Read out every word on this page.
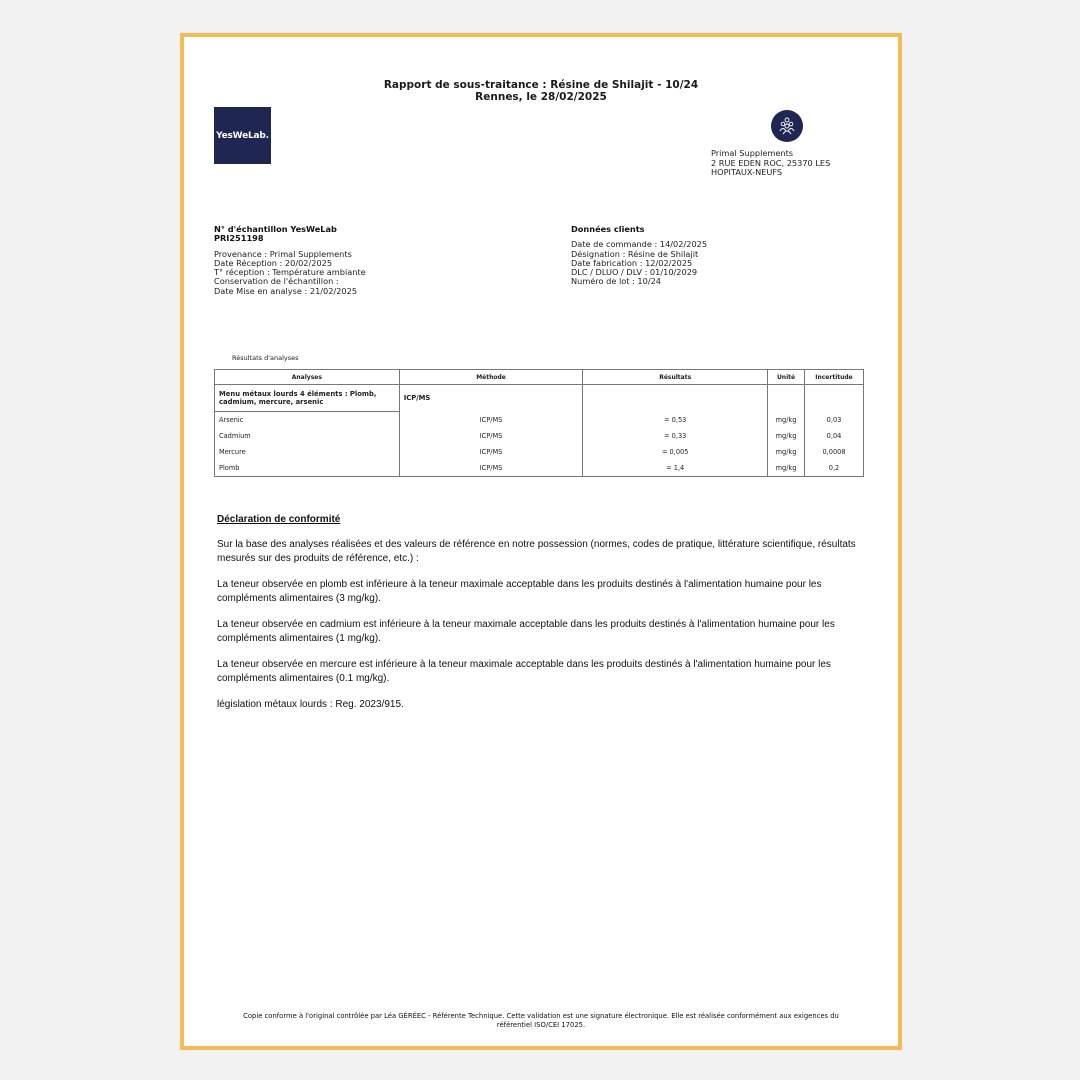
Rapport de sous-traitance : Résine de Shilajit - 10/24
Rennes, le 28/02/2025
YesWeLab.
Primal Supplements
2 RUE EDEN ROC, 25370 LES
HOPITAUX-NEUFS
N° d'échantillon YesWeLab
PRI251198
Provenance : Primal Supplements
Date Réception : 20/02/2025
T° réception : Température ambiante
Conservation de l'échantillon :
Date Mise en analyse : 21/02/2025
Données clients
Date de commande : 14/02/2025
Désignation : Résine de Shilajit
Date fabrication : 12/02/2025
DLC / DLUO / DLV : 01/10/2029
Numéro de lot : 10/24
Résultats d'analyses
Analyses	Méthode	Résultats	Unité	Incertitude
Menu métaux lourds 4 éléments : Plomb, cadmium, mercure, arsenic	ICP/MS			
Arsenic	ICP/MS	= 0,53	mg/kg	0,03
Cadmium	ICP/MS	= 0,33	mg/kg	0,04
Mercure	ICP/MS	= 0,005	mg/kg	0,0008
Plomb	ICP/MS	= 1,4	mg/kg	0,2
Déclaration de conformité

Sur la base des analyses réalisées et des valeurs de référence en notre possession (normes, codes de pratique, littérature scientifique, résultats mesurés sur des produits de référence, etc.) :

La teneur observée en plomb est inférieure à la teneur maximale acceptable dans les produits destinés à l'alimentation humaine pour les compléments alimentaires (3 mg/kg).

La teneur observée en cadmium est inférieure à la teneur maximale acceptable dans les produits destinés à l'alimentation humaine pour les compléments alimentaires (1 mg/kg).

La teneur observée en mercure est inférieure à la teneur maximale acceptable dans les produits destinés à l'alimentation humaine pour les compléments alimentaires (0.1 mg/kg).

législation métaux lourds : Reg. 2023/915.

Copie conforme à l'original contrôlée par Léa GÉRÉEC - Référente Technique. Cette validation est une signature électronique. Elle est réalisée conformément aux exigences du référentiel ISO/CEI 17025.
